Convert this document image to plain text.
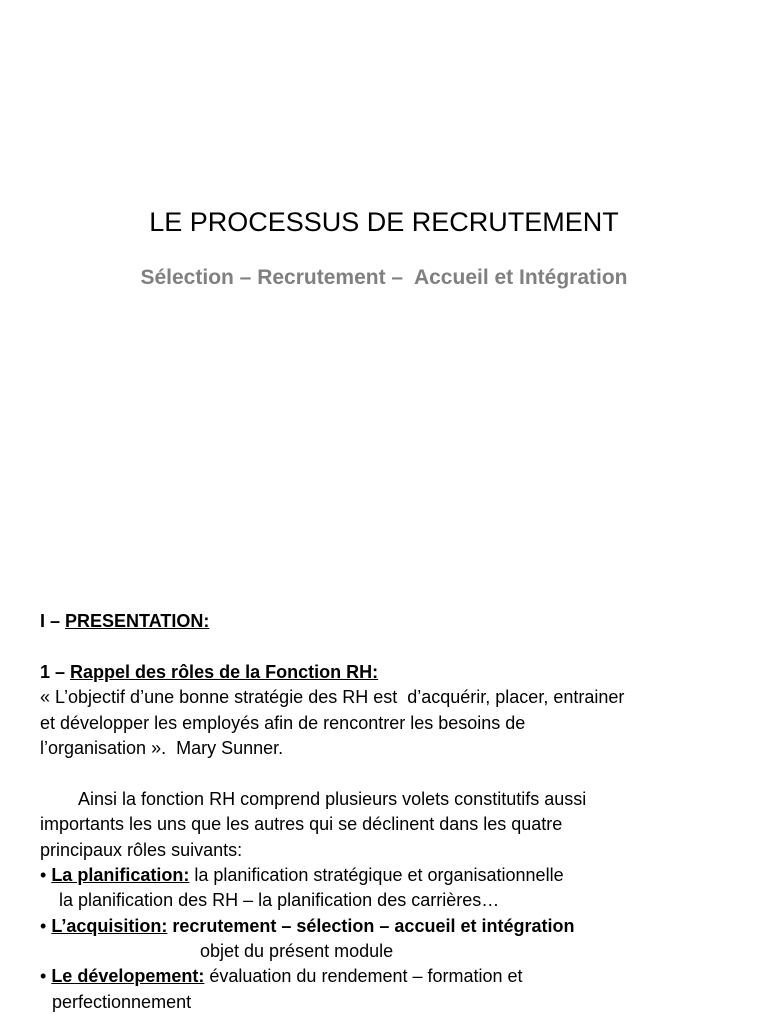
LE PROCESSUS DE RECRUTEMENT
Sélection – Recrutement –  Accueil et Intégration
I – PRESENTATION:
1 – Rappel des rôles de la Fonction RH:
« L’objectif d’une bonne stratégie des RH est  d’acquérir, placer, entrainer
et développer les employés afin de rencontrer les besoins de
l’organisation ».  Mary Sunner.
Ainsi la fonction RH comprend plusieurs volets constitutifs aussi
importants les uns que les autres qui se déclinent dans les quatre
principaux rôles suivants:
• La planification: la planification stratégique et organisationnelle
la planification des RH – la planification des carrières…
• L’acquisition: recrutement – sélection – accueil et intégration
objet du présent module
• Le dévelopement: évaluation du rendement – formation et
perfectionnement
